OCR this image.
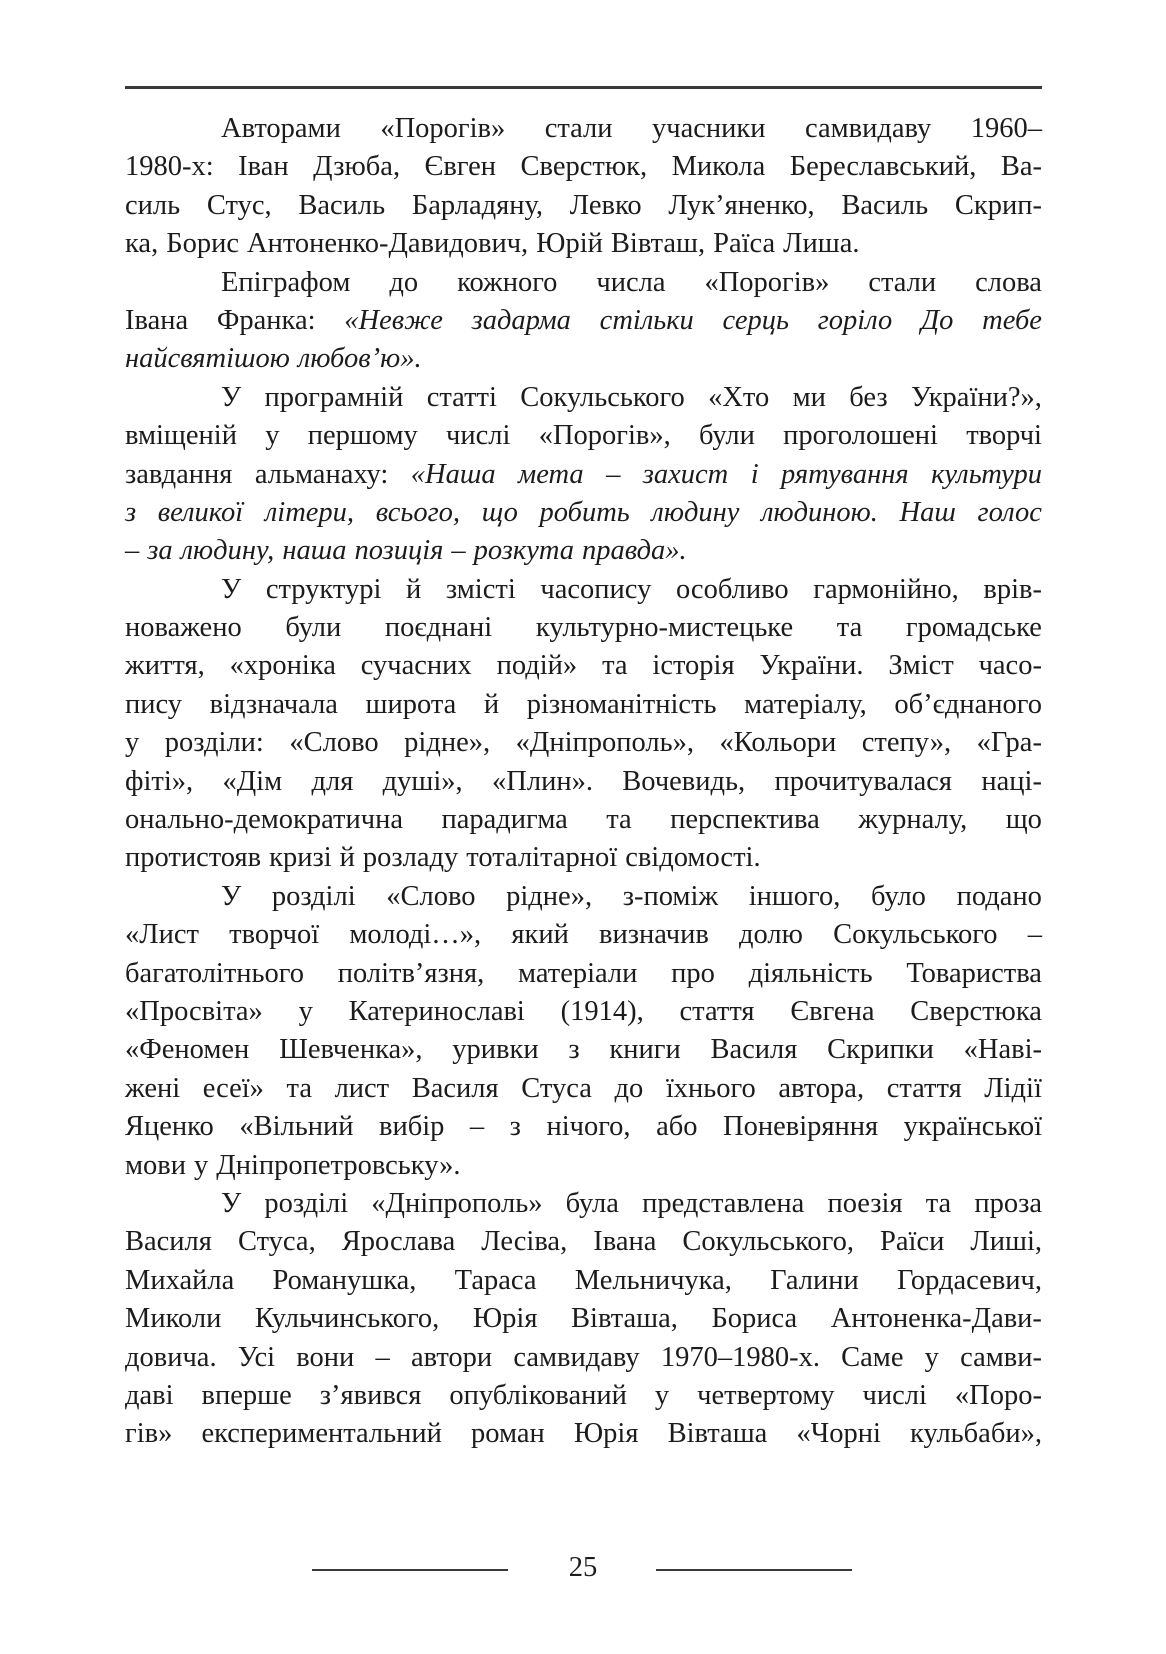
Авторами «Порогів» стали учасники самвидаву 1960–
1980-х: Іван Дзюба, Євген Сверстюк, Микола Береславський, Ва-
силь Стус, Василь Барладяну, Левко Лук’яненко, Василь Скрип-
ка, Борис Антоненко-Давидович, Юрій Вівташ, Раїса Лиша.
Епіграфом до кожного числа «Порогів» стали слова
Івана Франка: «Невже задарма стільки серць горіло До тебе
найсвятішою любов’ю».
У програмній статті Сокульського «Хто ми без України?»,
вміщеній у першому числі «Порогів», були проголошені творчі
завдання альманаху: «Наша мета – захист і рятування культури
з великої літери, всього, що робить людину людиною. Наш голос
– за людину, наша позиція – розкута правда».
У структурі й змісті часопису особливо гармонійно, врів-
новажено були поєднані культурно-мистецьке та громадське
життя, «хроніка сучасних подій» та історія України. Зміст часо-
пису відзначала широта й різноманітність матеріалу, об’єднаного
у розділи: «Слово рідне», «Дніпрополь», «Кольори степу», «Гра-
фіті», «Дім для душі», «Плин». Вочевидь, прочитувалася наці-
онально-демократична парадигма та перспектива журналу, що
протистояв кризі й розладу тоталітарної свідомості.
У розділі «Слово рідне», з-поміж іншого, було подано
«Лист творчої молоді…», який визначив долю Сокульського –
багатолітнього політв’язня, матеріали про діяльність Товариства
«Просвіта» у Катеринославі (1914), стаття Євгена Сверстюка
«Феномен Шевченка», уривки з книги Василя Скрипки «Наві-
жені есеї» та лист Василя Стуса до їхнього автора, стаття Лідії
Яценко «Вільний вибір – з нічого, або Поневіряння української
мови у Дніпропетровську».
У розділі «Дніпрополь» була представлена поезія та проза
Василя Стуса, Ярослава Лесіва, Івана Сокульського, Раїси Лиші,
Михайла Романушка, Тараса Мельничука, Галини Гордасевич,
Миколи Кульчинського, Юрія Вівташа, Бориса Антоненка-Дави-
довича. Усі вони – автори самвидаву 1970–1980-х. Саме у самви-
даві вперше з’явився опублікований у четвертому числі «Поро-
гів» експериментальний роман Юрія Вівташа «Чорні кульбаби»,
25
